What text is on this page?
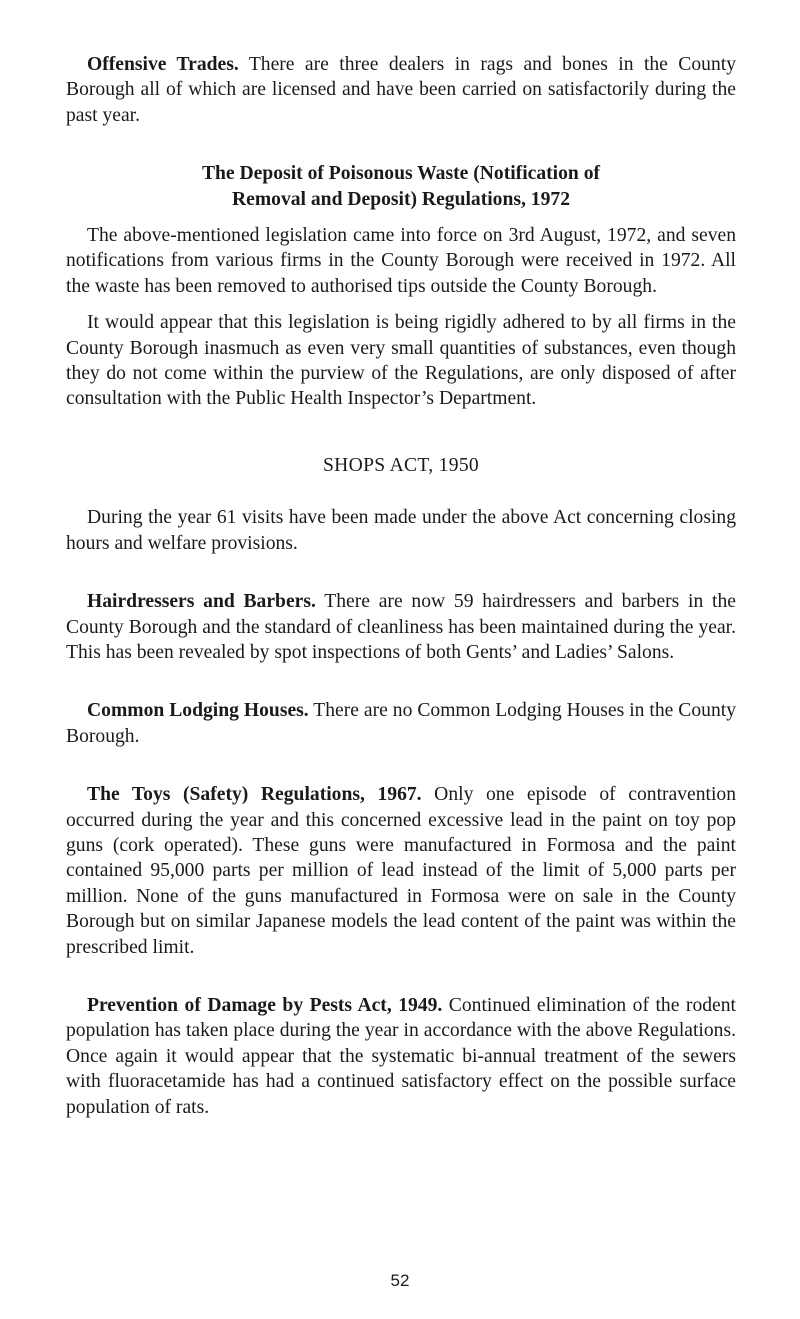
Offensive Trades. There are three dealers in rags and bones in the County Borough all of which are licensed and have been carried on satisfactorily during the past year.

The Deposit of Poisonous Waste (Notification of
Removal and Deposit) Regulations, 1972

The above-mentioned legislation came into force on 3rd August, 1972, and seven notifications from various firms in the County Borough were received in 1972. All the waste has been removed to authorised tips outside the County Borough.

It would appear that this legislation is being rigidly adhered to by all firms in the County Borough inasmuch as even very small quantities of substances, even though they do not come within the purview of the Regulations, are only disposed of after consultation with the Public Health Inspector’s Department.

SHOPS ACT, 1950

During the year 61 visits have been made under the above Act concerning closing hours and welfare provisions.

Hairdressers and Barbers. There are now 59 hairdressers and barbers in the County Borough and the standard of cleanliness has been maintained during the year. This has been revealed by spot inspections of both Gents’ and Ladies’ Salons.

Common Lodging Houses. There are no Common Lodging Houses in the County Borough.

The Toys (Safety) Regulations, 1967. Only one episode of contravention occurred during the year and this concerned excessive lead in the paint on toy pop guns (cork operated). These guns were manufactured in Formosa and the paint contained 95,000 parts per million of lead instead of the limit of 5,000 parts per million. None of the guns manufactured in Formosa were on sale in the County Borough but on similar Japanese models the lead content of the paint was within the prescribed limit.

Prevention of Damage by Pests Act, 1949. Continued elimination of the rodent population has taken place during the year in accordance with the above Regulations. Once again it would appear that the systematic bi-annual treatment of the sewers with fluoracetamide has had a continued satisfactory effect on the possible surface population of rats.

52
